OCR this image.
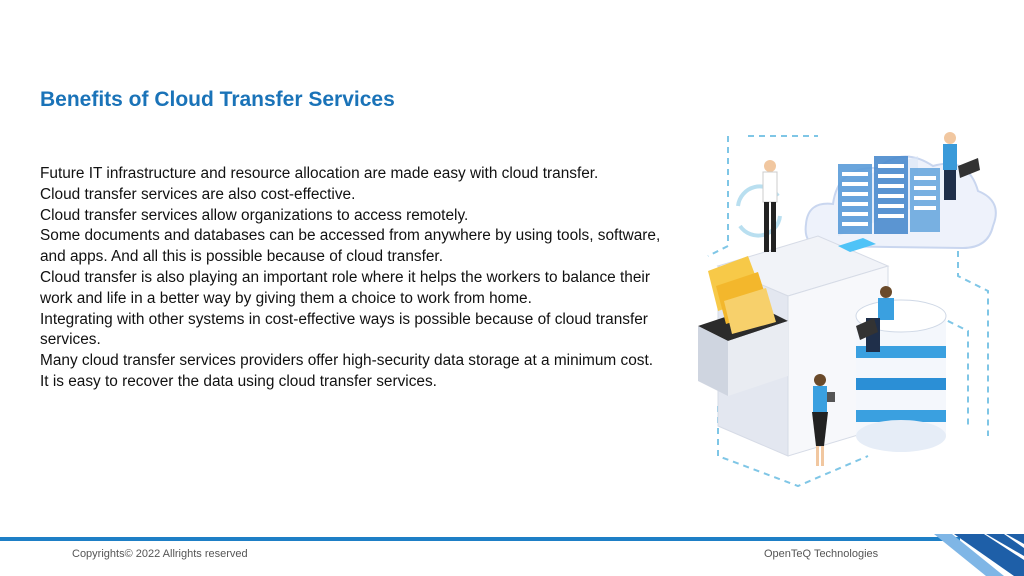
Benefits of Cloud Transfer Services

Future IT infrastructure and resource allocation are made easy with cloud transfer.

Cloud transfer services are also cost-effective.

Cloud transfer services allow organizations to access remotely.

Some documents and databases can be accessed from anywhere by using tools, software, and apps. And all this is possible because of cloud transfer.

Cloud transfer is also playing an important role where it helps the workers to balance their work and life in a better way by giving them a choice to work from home.

Integrating with other systems in cost-effective ways is possible because of cloud transfer services.

Many cloud transfer services providers offer high-security data storage at a minimum cost.

It is easy to recover the data using cloud transfer services.

Copyrights© 2022 Allrights reserved	OpenTeQ Technologies
